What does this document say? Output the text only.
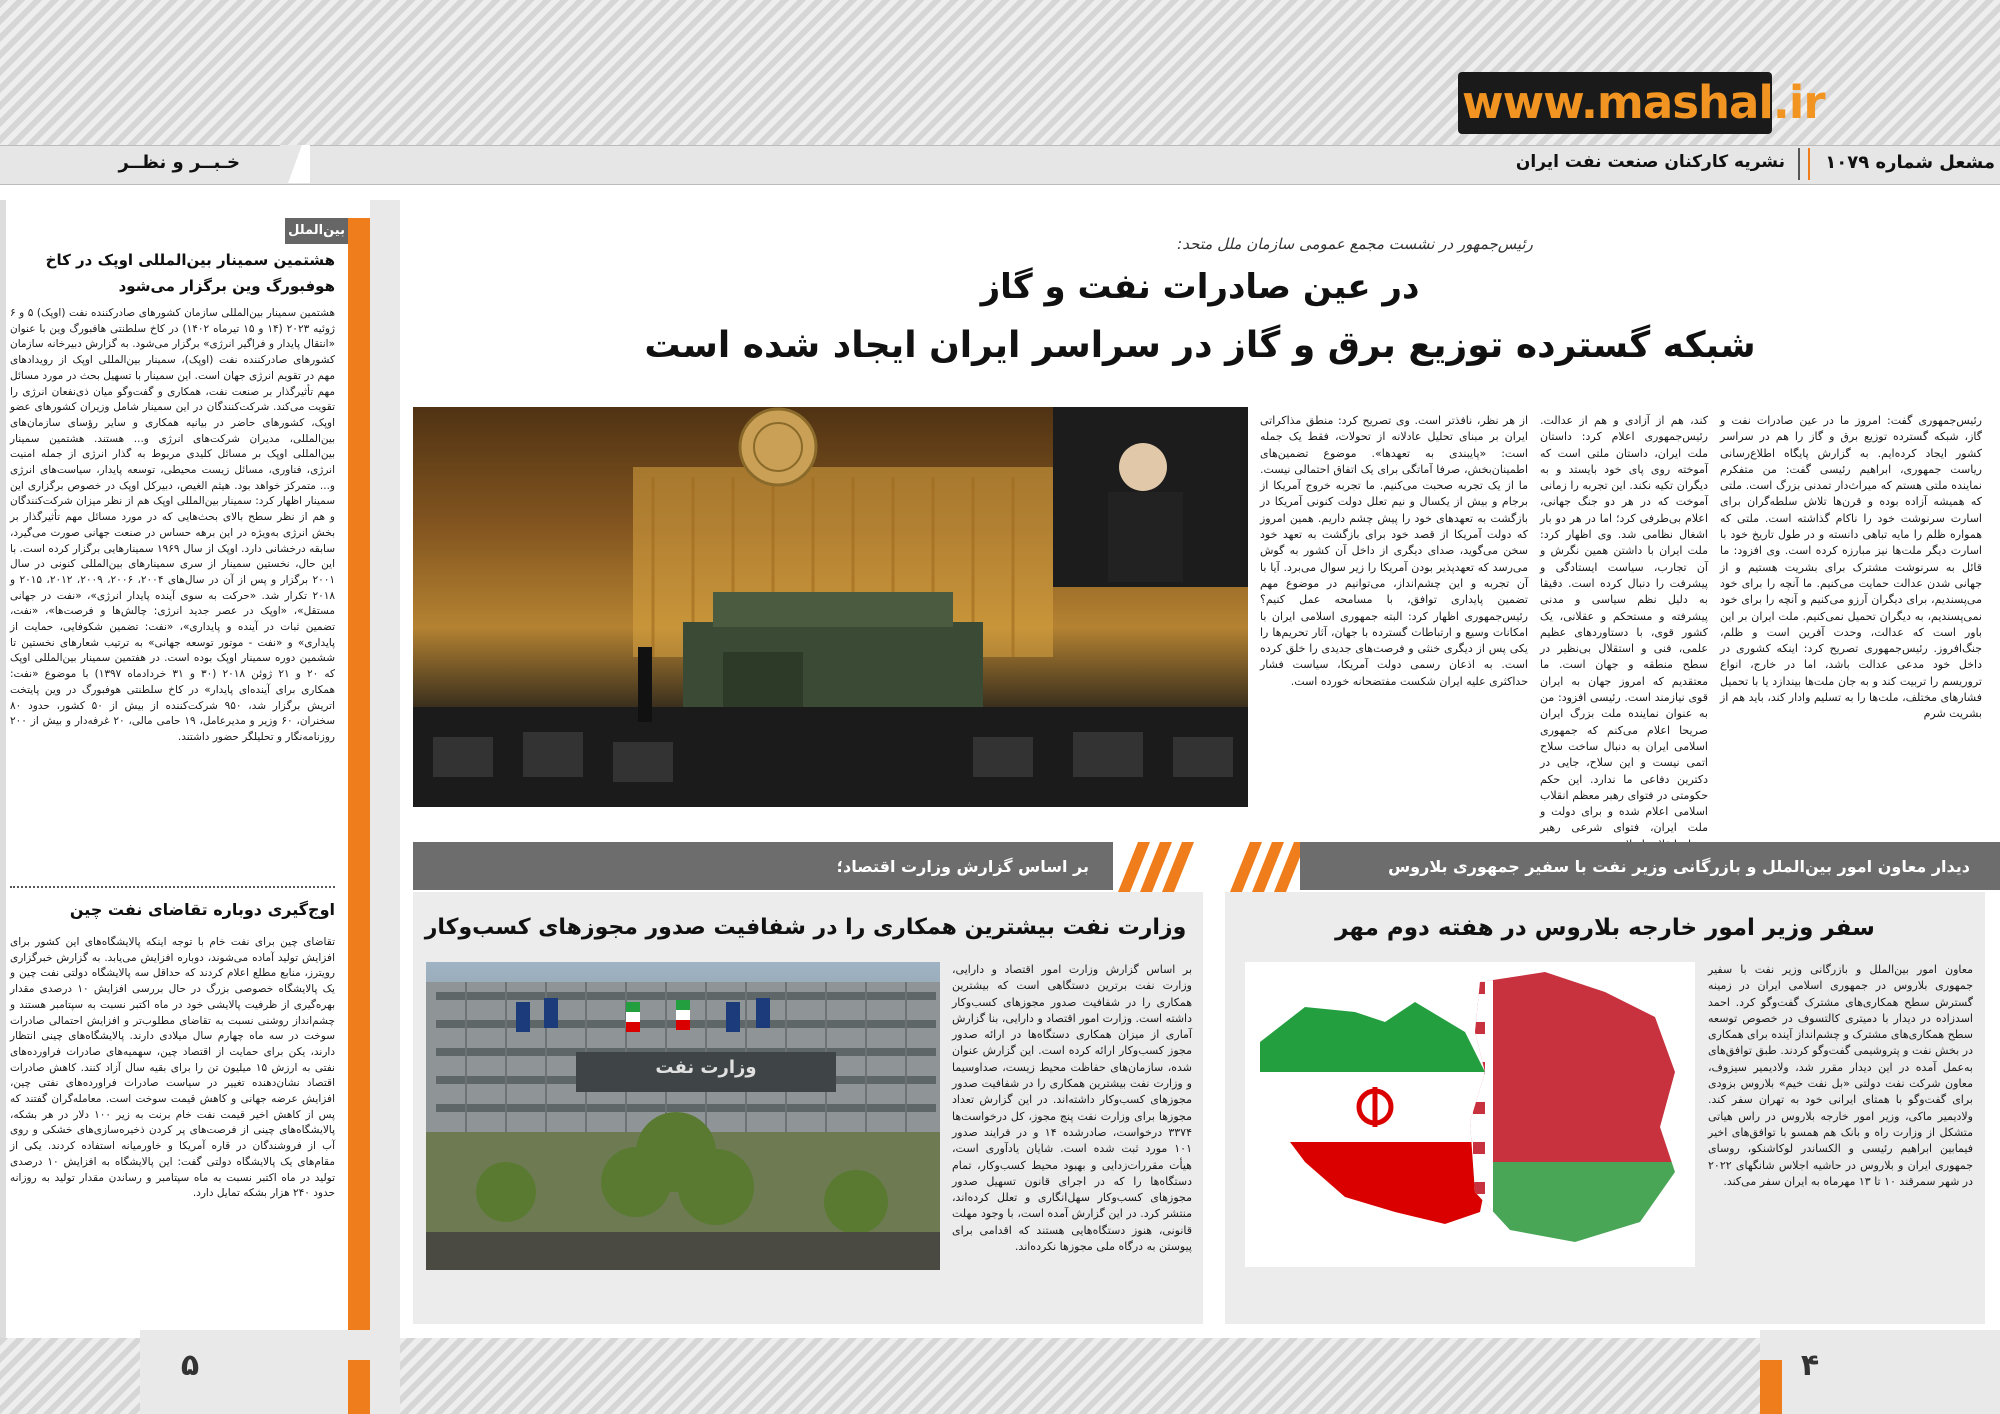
www.mashal.ir
مشعل شماره ۱۰۷۹
نشریه کارکنان صنعت نفت ایران
خـبــر و نظــر
بین‌الملل
هشتمین سمینار بین‌المللی اوپک در کاخ هوفبورگ وین برگزار می‌شود
هشتمین سمینار بین‌المللی سازمان کشورهای صادرکننده نفت (اوپک) ۵ و ۶ ژوئیه ۲۰۲۳ (۱۴ و ۱۵ تیرماه ۱۴۰۲) در کاخ سلطنتی هافبورگ وین با عنوان «انتقال پایدار و فراگیر انرژی» برگزار می‌شود. به گزارش دبیرخانه سازمان کشورهای صادرکننده نفت (اوپک)، سمینار بین‌المللی اوپک از رویدادهای مهم در تقویم انرژی جهان است. این سمینار با تسهیل بحث در مورد مسائل مهم تأثیرگذار بر صنعت نفت، همکاری و گفت‌وگو میان ذی‌نفعان انرژی را تقویت می‌کند. شرکت‌کنندگان در این سمینار شامل وزیران کشورهای عضو اوپک، کشورهای حاضر در بیانیه همکاری و سایر رؤسای سازمان‌های بین‌المللی، مدیران شرکت‌های انرژی و... هستند. هشتمین سمینار بین‌المللی اوپک بر مسائل کلیدی مربوط به گذار انرژی از جمله امنیت انرژی، فناوری، مسائل زیست محیطی، توسعه پایدار، سیاست‌های انرژی و... متمرکز خواهد بود. هیثم الغیص، دبیرکل اوپک در خصوص برگزاری این سمینار اظهار کرد: سمینار بین‌المللی اوپک هم از نظر میزان شرکت‌کنندگان و هم از نظر سطح بالای بحث‌هایی که در مورد مسائل مهم تأثیرگذار بر بخش انرژی به‌ویژه در این برهه حساس در صنعت جهانی صورت می‌گیرد، سابقه درخشانی دارد. اوپک از سال ۱۹۶۹ سمینارهایی برگزار کرده است. با این حال، نخستین سمینار از سری سمینارهای بین‌المللی کنونی در سال ۲۰۰۱ برگزار و پس از آن در سال‌های ۲۰۰۴، ۲۰۰۶، ۲۰۰۹، ۲۰۱۲، ۲۰۱۵ و ۲۰۱۸ تکرار شد. «حرکت به سوی آینده پایدار انرژی»، «نفت در جهانی مستقل»، «اوپک در عصر جدید انرژی: چالش‌ها و فرصت‌ها»، «نفت، تضمین ثبات در آینده و پایداری»، «نفت: تضمین شکوفایی، حمایت از پایداری» و «نفت - موتور توسعه جهانی» به ترتیب شعارهای نخستین تا ششمین دوره سمینار اوپک بوده است. در هفتمین سمینار بین‌المللی اوپک که ۲۰ و ۲۱ ژوئن ۲۰۱۸ (۳۰ و ۳۱ خردادماه ۱۳۹۷) با موضوع «نفت: همکاری برای آینده‌ای پایدار» در کاخ سلطنتی هوفبورگ در وین پایتخت اتریش برگزار شد، ۹۵۰ شرکت‌کننده از بیش از ۵۰ کشور، حدود ۸۰ سخنران، ۶۰ وزیر و مدیرعامل، ۱۹ حامی مالی، ۲۰ غرفه‌دار و بیش از ۲۰۰ روزنامه‌نگار و تحلیلگر حضور داشتند.
اوج‌گیری دوباره تقاضای نفت چین
تقاضای چین برای نفت خام با توجه اینکه پالایشگاه‌های این کشور برای افزایش تولید آماده می‌شوند، دوباره افزایش می‌یابد. به گزارش خبرگزاری رویترز، منابع مطلع اعلام کردند که حداقل سه پالایشگاه دولتی نفت چین و یک پالایشگاه خصوصی بزرگ در حال بررسی افزایش ۱۰ درصدی مقدار بهره‌گیری از ظرفیت پالایشی خود در ماه اکتبر نسبت به سپتامبر هستند و چشم‌انداز روشنی نسبت به تقاضای مطلوب‌تر و افزایش احتمالی صادرات سوخت در سه ماه چهارم سال میلادی دارند. پالایشگاه‌های چینی انتظار دارند، یکن برای حمایت از اقتصاد چین، سهمیه‌های صادرات فراورده‌های نفتی به ارزش ۱۵ میلیون تن را برای بقیه سال آزاد کنند. کاهش صادرات اقتصاد نشان‌دهنده تغییر در سیاست صادرات فراورده‌های نفتی چین، افزایش عرضه جهانی و کاهش قیمت سوخت است. معامله‌گران گفتند که پس از کاهش اخیر قیمت نفت خام برنت به زیر ۱۰۰ دلار در هر بشکه، پالایشگاه‌های چینی از فرصت‌های پر کردن ذخیره‌سازی‌های خشکی و روی آب از فروشندگان در قاره آمریکا و خاورمیانه استفاده کردند. یکی از مقام‌های یک پالایشگاه دولتی گفت: این پالایشگاه به افزایش ۱۰ درصدی تولید در ماه اکتبر نسبت به ماه سپتامبر و رساندن مقدار تولید به روزانه حدود ۲۴۰ هزار بشکه تمایل دارد.
رئیس‌جمهور در نشست مجمع عمومی سازمان ملل متحد:
در عین صادرات نفت و گاز
شبکه گسترده توزیع برق و گاز در سراسر ایران ایجاد شده است
رئیس‌جمهوری گفت: امروز ما در عین صادرات نفت و گاز، شبکه گسترده توزیع برق و گاز را هم در سراسر کشور ایجاد کرده‌ایم. به گزارش پایگاه اطلاع‌رسانی ریاست جمهوری، ابراهیم رئیسی گفت: من متفکرم نماینده ملتی هستم که میراث‌دار تمدنی بزرگ است. ملتی که همیشه آزاده بوده و قرن‌ها تلاش سلطه‌گران برای اسارت سرنوشت خود را ناکام گذاشته است. ملتی که همواره ظلم را مایه تباهی دانسته و در طول تاریخ خود با اسارت دیگر ملت‌ها نیز مبارزه کرده است. وی افزود: ما قائل به سرنوشت مشترک برای بشریت هستیم و از جهانی شدن عدالت حمایت می‌کنیم. ما آنچه را برای خود می‌پسندیم، برای دیگران آرزو می‌کنیم و آنچه را برای خود نمی‌پسندیم، به دیگران تحمیل نمی‌کنیم. ملت ایران بر این باور است که عدالت، وحدت آفرین است و ظلم، جنگ‌افروز. رئیس‌جمهوری تصریح کرد: اینکه کشوری در داخل خود مدعی عدالت باشد، اما در خارج، انواع تروریسم را تربیت کند و به جان ملت‌ها بیندازد یا با تحمیل فشارهای مختلف، ملت‌ها را به تسلیم وادار کند، باید هم از بشریت شرم
کند، هم از آزادی و هم از عدالت. رئیس‌جمهوری اعلام کرد: داستان ملت ایران، داستان ملتی است که آموخته روی پای خود بایستد و به دیگران تکیه نکند. این تجربه را زمانی آموخت که در هر دو جنگ جهانی، اعلام بی‌طرفی کرد؛ اما در هر دو بار اشغال نظامی شد. وی اظهار کرد: ملت ایران با داشتن همین نگرش و آن تجارب، سیاست ایستادگی و پیشرفت را دنبال کرده است. دقیقا به دلیل نظم سیاسی و مدنی پیشرفته و مستحکم و عقلانی، یک کشور قوی، با دستاوردهای عظیم علمی، فنی و استقلال بی‌نظیر در سطح منطقه و جهان است. ما معتقدیم که امروز جهان به ایران قوی نیازمند است. رئیسی افزود: من به عنوان نماینده ملت بزرگ ایران صریحا اعلام می‌کنم که جمهوری اسلامی ایران به دنبال ساخت سلاح اتمی نیست و این سلاح، جایی در دکترین دفاعی ما ندارد. این حکم حکومتی در فتوای رهبر معظم انقلاب اسلامی اعلام شده و برای دولت و ملت ایران، فتوای شرعی رهبر
از هر نظر، نافذتر است. وی تصریح کرد: منطق مذاکراتی ایران بر مبنای تحلیل عادلانه از تحولات، فقط یک جمله است: «پایبندی به تعهدها». موضوع تضمین‌های اطمینان‌بخش، صرفا آماتگی برای یک اتفاق احتمالی نیست. ما از یک تجربه صحبت می‌کنیم. ما تجربه خروج آمریکا از برجام و بیش از یکسال و نیم تعلل دولت کنونی آمریکا در بازگشت به تعهدهای خود را پیش چشم داریم. همین امروز که دولت آمریکا از قصد خود برای بازگشت به تعهد خود سخن می‌گوید، صدای دیگری از داخل آن کشور به گوش می‌رسد که تعهدپذیر بودن آمریکا را زیر سوال می‌برد. آیا با آن تجربه و این چشم‌انداز، می‌توانیم در موضوع مهم تضمین پایداری توافق، با مسامحه عمل کنیم؟ رئیس‌جمهوری اظهار کرد: البته جمهوری اسلامی ایران با امکانات وسیع و ارتباطات گسترده با جهان، آثار تحریم‌ها را یکی پس از دیگری خنثی و فرصت‌های جدیدی را خلق کرده است. به اذعان رسمی دولت آمریکا، سیاست فشار حداکثری علیه ایران شکست مفتضحانه خورده است.
بر اساس گزارش وزارت اقتصاد؛	دیدار معاون امور بین‌الملل و بازرگانی وزیر نفت با سفیر جمهوری بلاروس
سفر وزیر امور خارجه بلاروس در هفته دوم مهر
معاون امور بین‌الملل و بازرگانی وزیر نفت با سفیر جمهوری بلاروس در جمهوری اسلامی ایران در زمینه گسترش سطح همکاری‌های مشترک گفت‌وگو کرد. احمد اسدزاده در دیدار با دمیتری کالتسوف در خصوص توسعه سطح همکاری‌های مشترک و چشم‌انداز آینده برای همکاری در بخش نفت و پتروشیمی گفت‌وگو کردند. طبق توافق‌های به‌عمل آمده در این دیدار مقرر شد، ولادیمیر سیزوف، معاون شرکت نفت دولتی «بل نفت خیم» بلاروس بزودی برای گفت‌وگو با همتای ایرانی خود به تهران سفر کند. ولادیمیر ماکی، وزیر امور خارجه بلاروس در راس هیاتی متشکل از وزارت راه و بانک هم همسو با توافق‌های اخیر فیمابین ابراهیم رئیسی و الکساندر لوکاشنکو، روسای جمهوری ایران و بلاروس در حاشیه اجلاس شانگهای ۲۰۲۲ در شهر سمرقند ۱۰ تا ۱۳ مهرماه به ایران سفر می‌کند.
وزارت نفت بیشترین همکاری را در شفافیت صدور مجوزهای کسب‌وکار
وزارت نفت
بر اساس گزارش وزارت امور اقتصاد و دارایی، وزارت نفت برترین دستگاهی است که بیشترین همکاری را در شفافیت صدور مجوزهای کسب‌وکار داشته است. وزارت امور اقتصاد و دارایی، بنا گزارش آماری از میزان همکاری دستگاه‌ها در ارائه صدور مجوز کسب‌وکار ارائه کرده است. این گزارش عنوان شده، سازمان‌های حفاظت محیط زیست، صداوسیما و وزارت نفت بیشترین همکاری را در شفافیت صدور مجوزهای کسب‌وکار داشته‌اند. در این گزارش تعداد مجوزها برای وزارت نفت پنج مجوز، کل درخواست‌ها ۳۳۷۴ درخواست، صادرشده ۱۴ و در فرایند صدور ۱۰۱ مورد ثبت شده است. شایان یادآوری است، هیأت مقررات‌زدایی و بهبود محیط کسب‌وکار، تمام دستگاه‌ها را که در اجرای قانون تسهیل صدور مجوزهای کسب‌وکار سهل‌انگاری و تعلل کرده‌اند، منتشر کرد. در این گزارش آمده است، با وجود مهلت قانونی، هنوز دستگاه‌هایی هستند که اقدامی برای پیوستن به درگاه ملی مجوزها نکرده‌اند.
۵	۴
